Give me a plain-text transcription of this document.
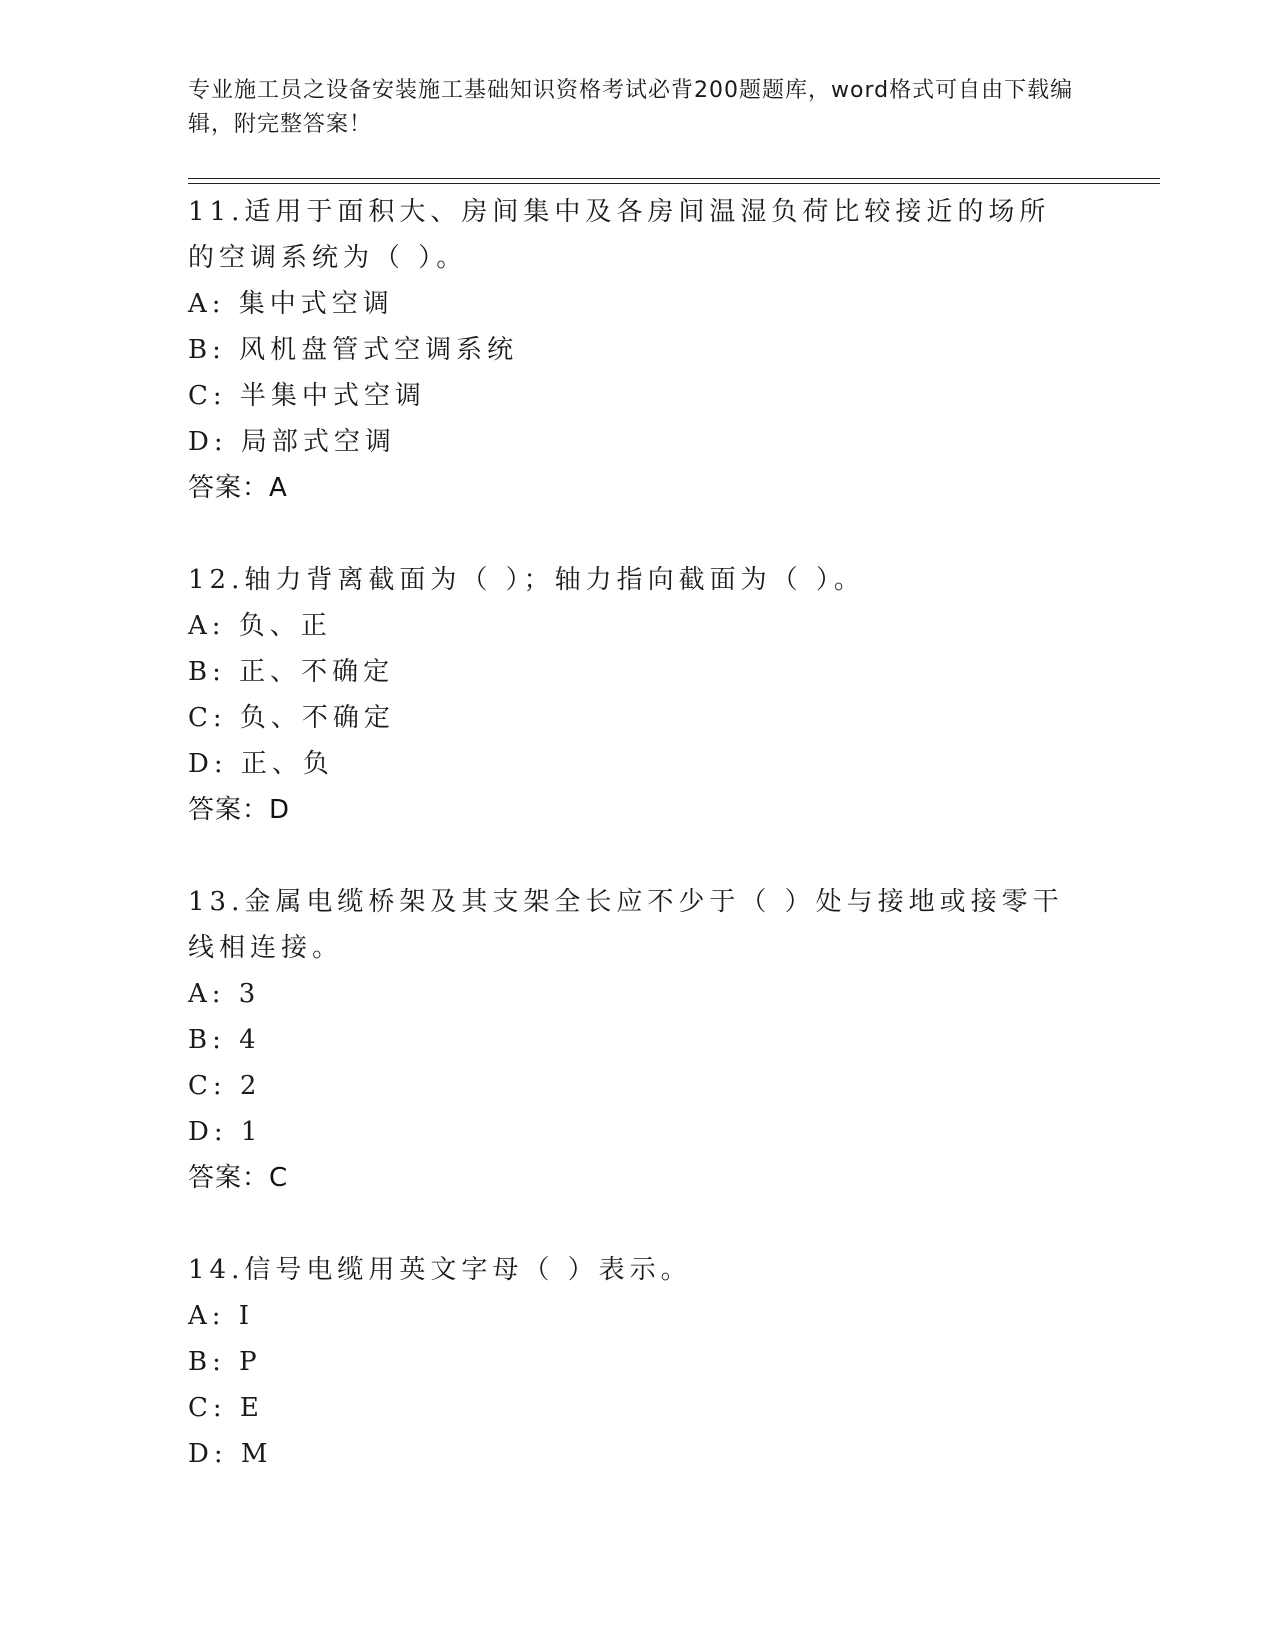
专业施工员之设备安装施工基础知识资格考试必背200题题库，word格式可自由下载编辑，附完整答案！
11.适用于面积大、房间集中及各房间温湿负荷比较接近的场所的空调系统为（ ）。
A: 集中式空调
B: 风机盘管式空调系统
C: 半集中式空调
D: 局部式空调
答案：A
12.轴力背离截面为（ ）；轴力指向截面为（ ）。
A: 负、正
B: 正、不确定
C: 负、不确定
D: 正、负
答案：D
13.金属电缆桥架及其支架全长应不少于（ ）处与接地或接零干线相连接。
A: 3
B: 4
C: 2
D: 1
答案：C
14.信号电缆用英文字母（ ）表示。
A: I
B: P
C: E
D: M
